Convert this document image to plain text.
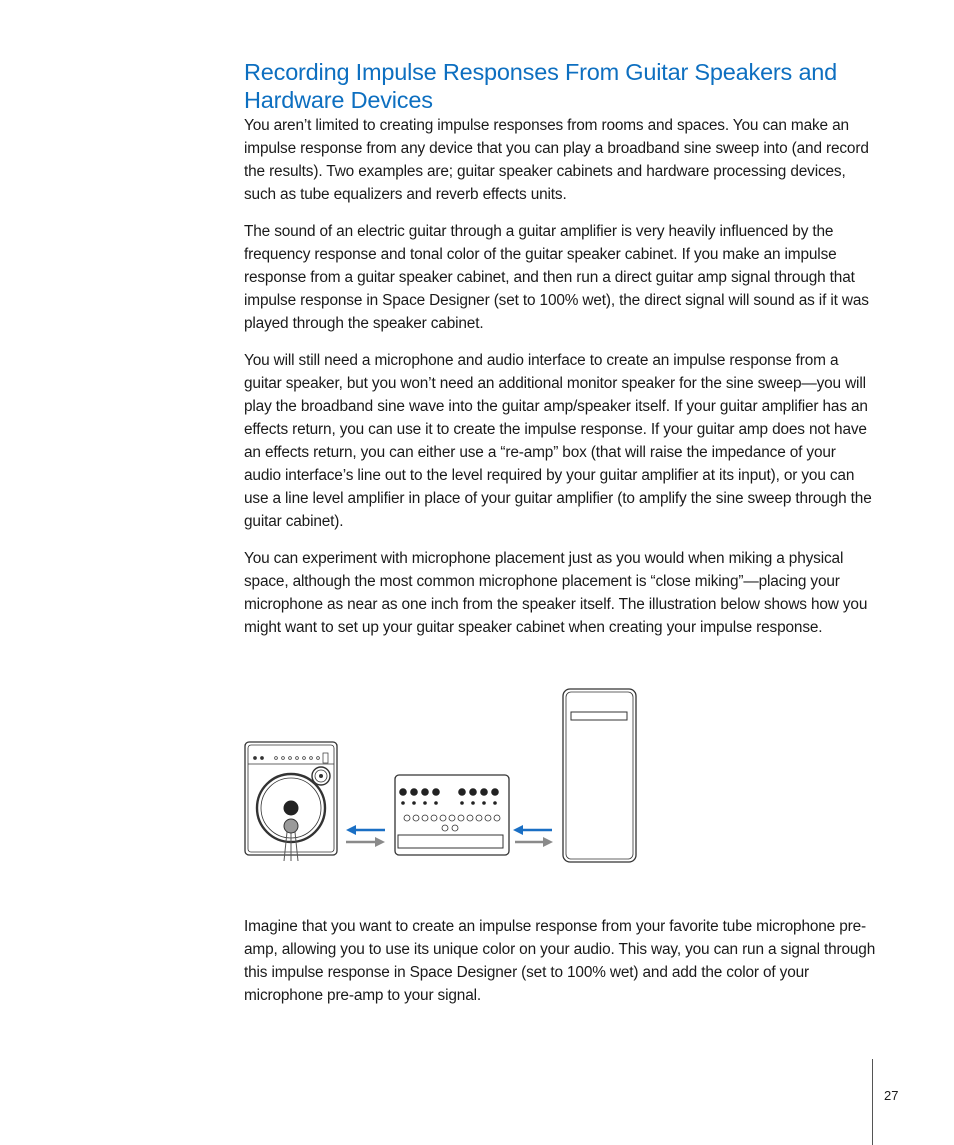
Recording Impulse Responses From Guitar Speakers and Hardware Devices

You aren’t limited to creating impulse responses from rooms and spaces. You can make an impulse response from any device that you can play a broadband sine sweep into (and record the results). Two examples are; guitar speaker cabinets and hardware processing devices, such as tube equalizers and reverb effects units.

The sound of an electric guitar through a guitar amplifier is very heavily influenced by the frequency response and tonal color of the guitar speaker cabinet. If you make an impulse response from a guitar speaker cabinet, and then run a direct guitar amp signal through that impulse response in Space Designer (set to 100% wet), the direct signal will sound as if it was played through the speaker cabinet.

You will still need a microphone and audio interface to create an impulse response from a guitar speaker, but you won’t need an additional monitor speaker for the sine sweep—you will play the broadband sine wave into the guitar amp/speaker itself. If your guitar amplifier has an effects return, you can use it to create the impulse response. If your guitar amp does not have an effects return, you can either use a “re-amp” box (that will raise the impedance of your audio interface’s line out to the level required by your guitar amplifier at its input), or you can use a line level amplifier in place of your guitar amplifier (to amplify the sine sweep through the guitar cabinet).

You can experiment with microphone placement just as you would when miking a physical space, although the most common microphone placement is “close miking”—placing your microphone as near as one inch from the speaker itself. The illustration below shows how you might want to set up your guitar speaker cabinet when creating your impulse response.

Imagine that you want to create an impulse response from your favorite tube microphone pre-amp, allowing you to use its unique color on your audio. This way, you can run a signal through this impulse response in Space Designer (set to 100% wet) and add the color of your microphone pre-amp to your signal.

27
